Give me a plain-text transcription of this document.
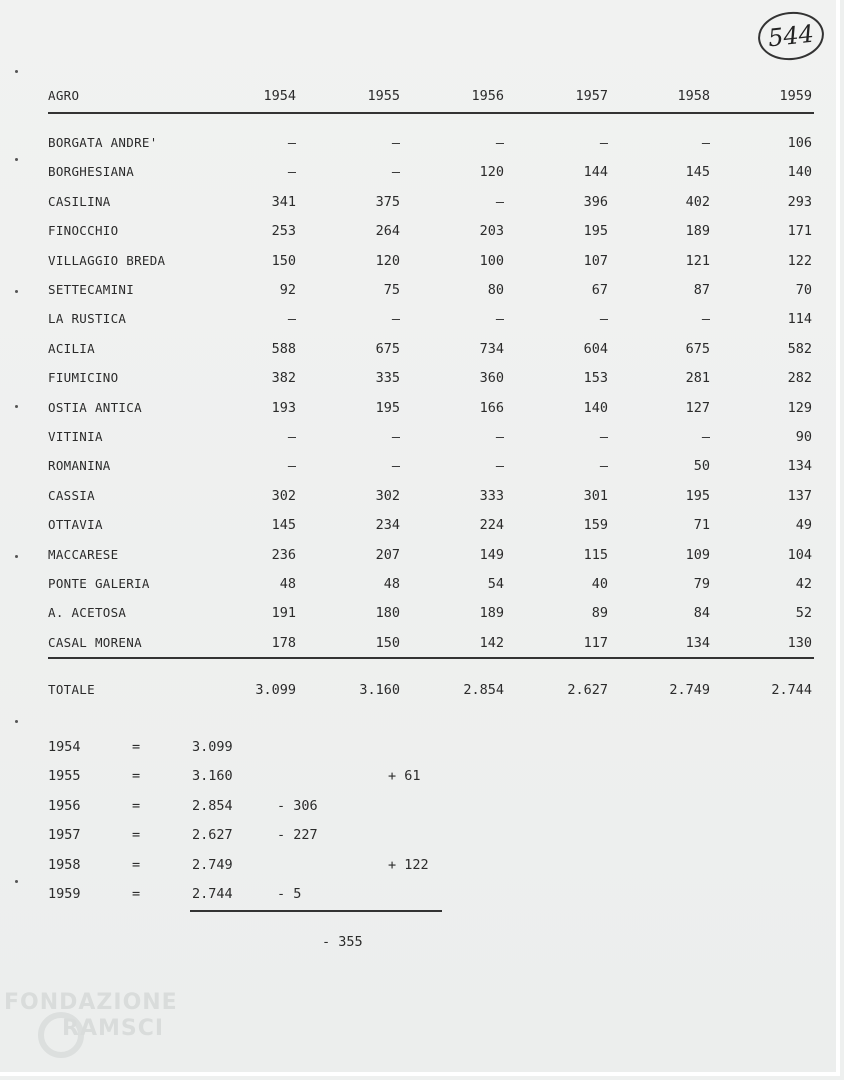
544
AGRO	1954	1955	1956	1957	1958	1959
BORGATA ANDRE'	–	–	–	–	–	106
BORGHESIANA	–	–	120	144	145	140
CASILINA	341	375	–	396	402	293
FINOCCHIO	253	264	203	195	189	171
VILLAGGIO BREDA	150	120	100	107	121	122
SETTECAMINI	92	75	80	67	87	70
LA RUSTICA	–	–	–	–	–	114
ACILIA	588	675	734	604	675	582
FIUMICINO	382	335	360	153	281	282
OSTIA ANTICA	193	195	166	140	127	129
VITINIA	–	–	–	–	–	90
ROMANINA	–	–	–	–	50	134
CASSIA	302	302	333	301	195	137
OTTAVIA	145	234	224	159	71	49
MACCARESE	236	207	149	115	109	104
PONTE GALERIA	48	48	54	40	79	42
A. ACETOSA	191	180	189	89	84	52
CASAL MORENA	178	150	142	117	134	130
TOTALE	3.099	3.160	2.854	2.627	2.749	2.744
1954	=	3.099
1955	=	3.160	+ 61
1956	=	2.854	- 306
1957	=	2.627	- 227
1958	=	2.749	+ 122
1959	=	2.744	- 5
- 355
FONDAZIONE
RAMSCI
